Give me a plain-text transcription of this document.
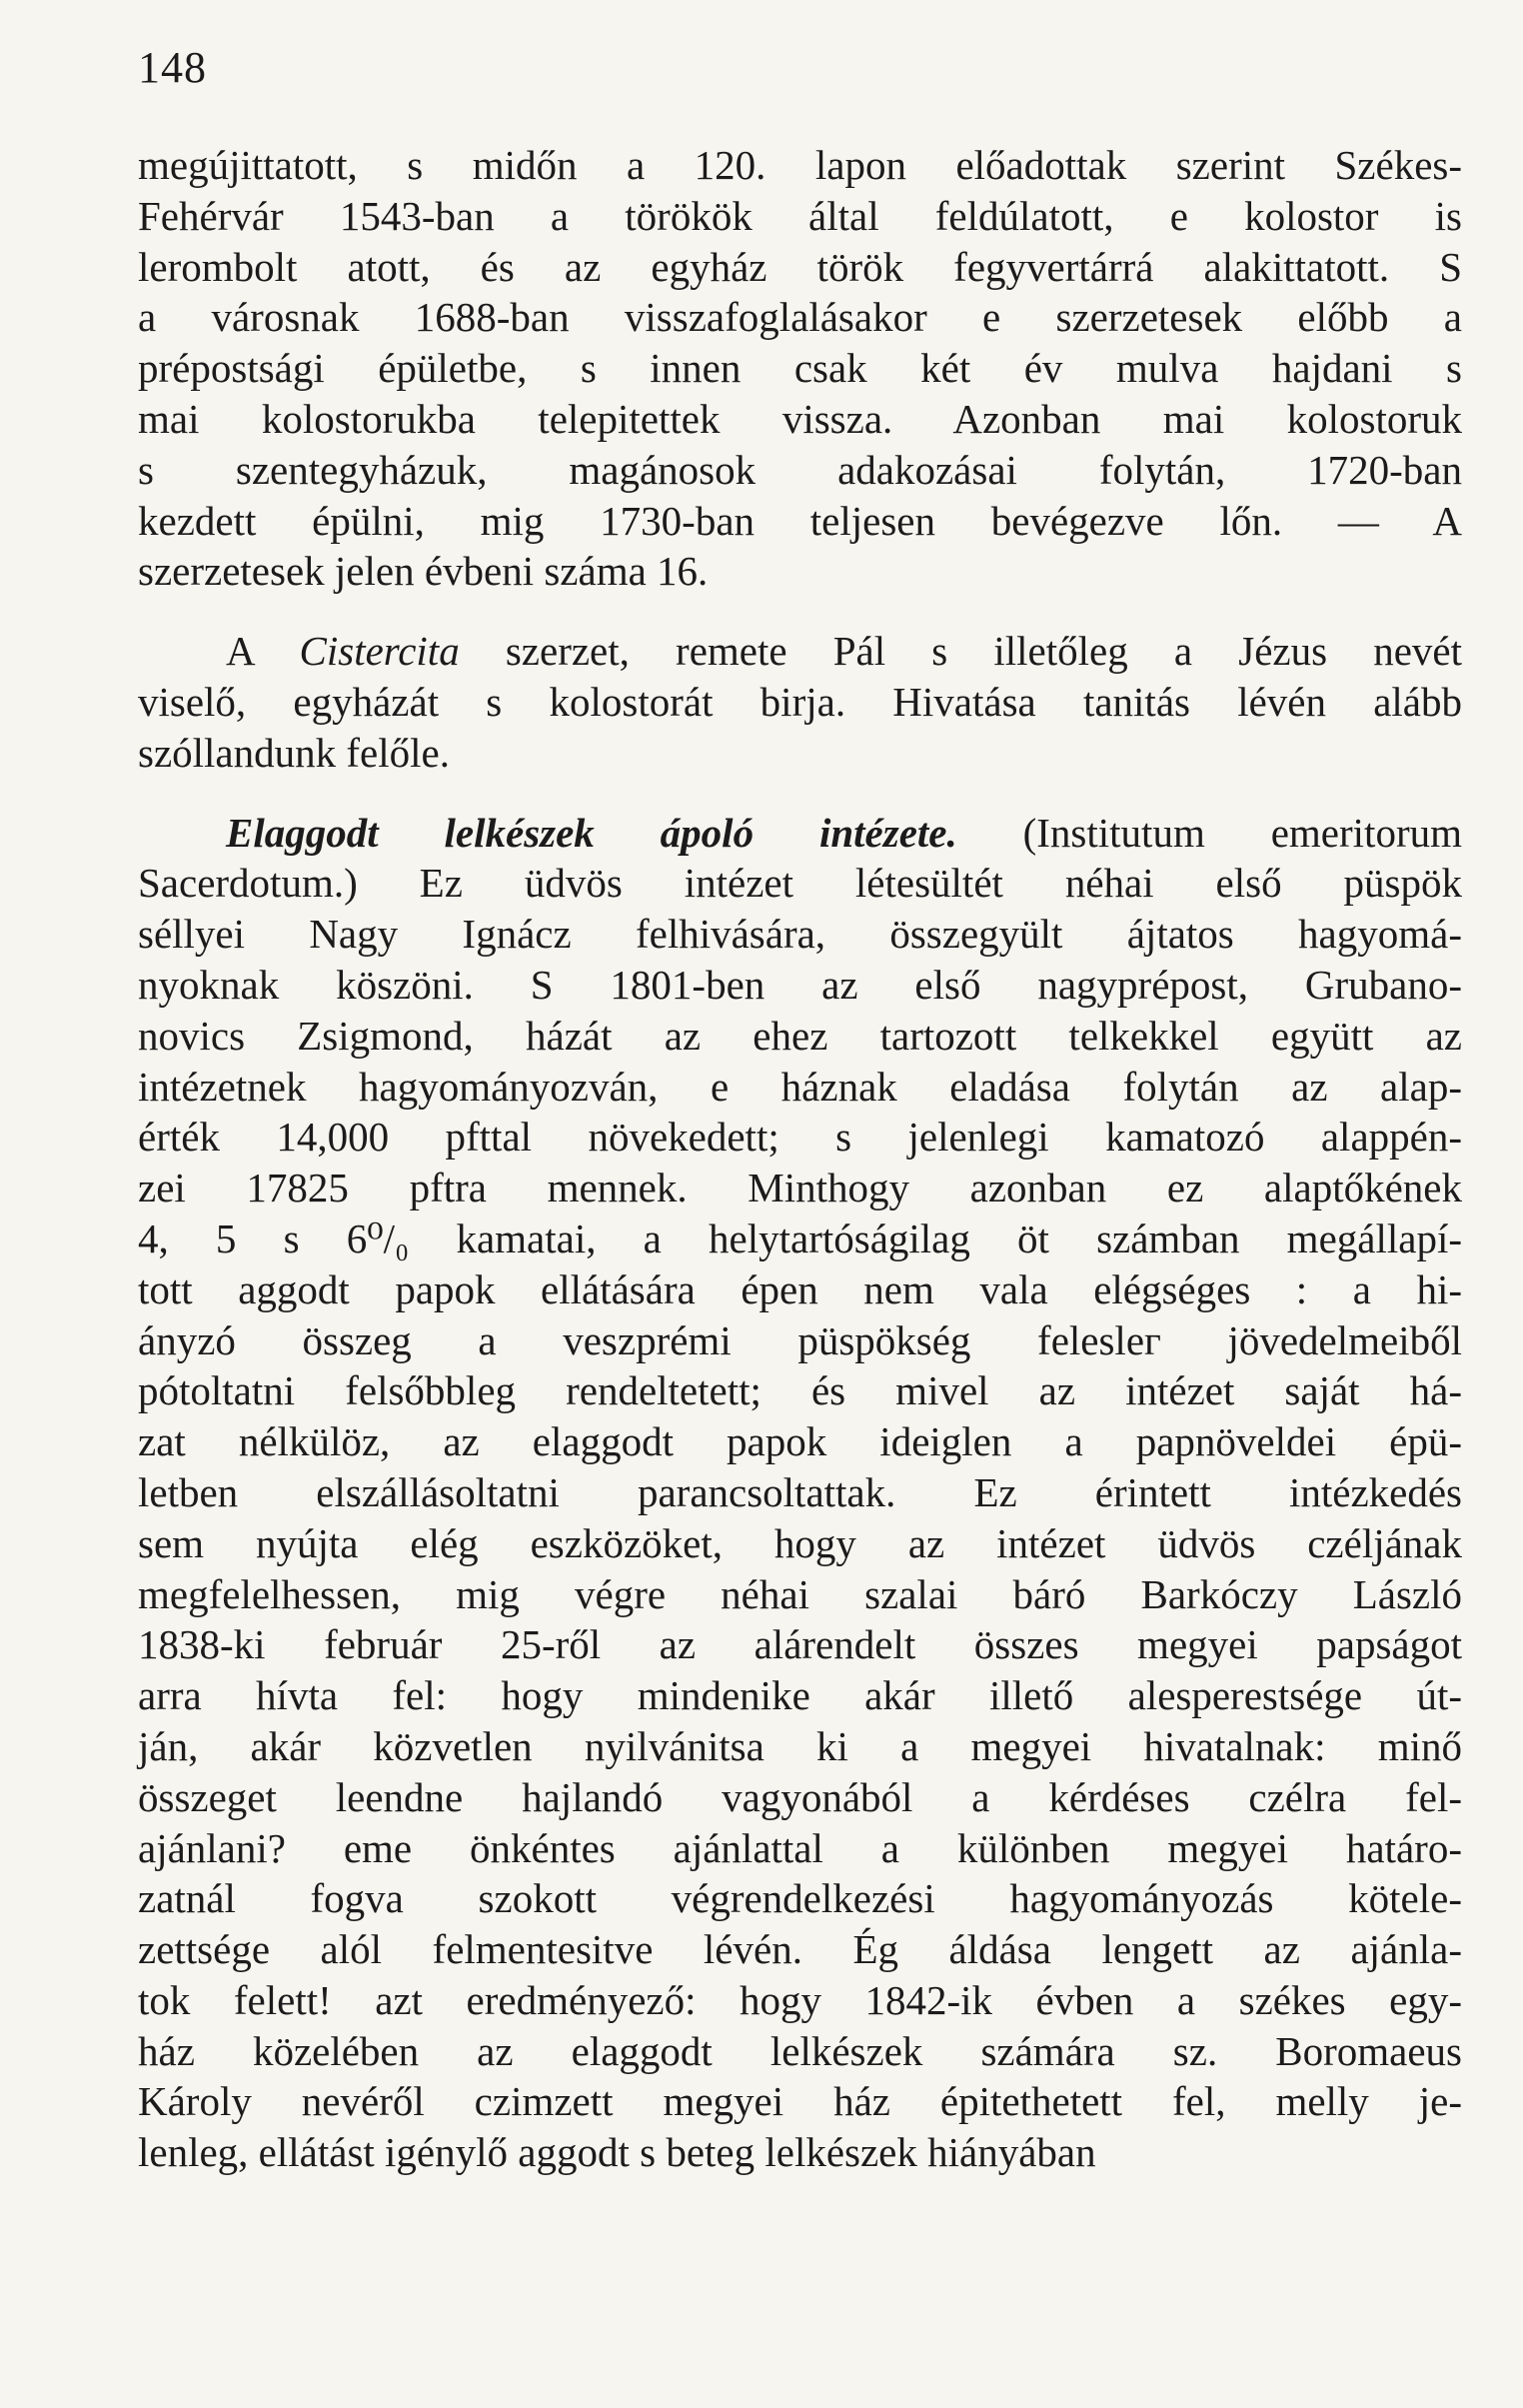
148
megújittatott, s midőn a 120. lapon előadottak szerint Székes-
Fehérvár 1543-ban a törökök által feldúlatott, e kolostor is
lerombolt atott, és az egyház török fegyvertárrá alakittatott. S
a városnak 1688-ban visszafoglalásakor e szerzetesek előbb a
prépostsági épületbe, s innen csak két év mulva hajdani s
mai kolostorukba telepitettek vissza. Azonban mai kolostoruk
s szentegyházuk, magánosok adakozásai folytán, 1720-ban
kezdett épülni, mig 1730-ban teljesen bevégezve lőn. — A
szerzetesek jelen évbeni száma 16.
A Cistercita szerzet, remete Pál s illetőleg a Jézus nevét
viselő, egyházát s kolostorát birja. Hivatása tanitás lévén alább
szóllandunk felőle.
Elaggodt lelkészek ápoló intézete. (Institutum emeritorum
Sacerdotum.) Ez üdvös intézet létesültét néhai első püspök
séllyei Nagy Ignácz felhivására, összegyült ájtatos hagyomá-
nyoknak köszöni. S 1801-ben az első nagyprépost, Grubano-
novics Zsigmond, házát az ehez tartozott telkekkel együtt az
intézetnek hagyományozván, e háznak eladása folytán az alap-
érték 14,000 pfttal növekedett; s jelenlegi kamatozó alappén-
zei 17825 pftra mennek. Minthogy azonban ez alaptőkének
4, 5 s 6⁰/₀ kamatai, a helytartóságilag öt számban megállapí-
tott aggodt papok ellátására épen nem vala elégséges : a hi-
ányzó összeg a veszprémi püspökség feleslег jövedelmeiből
pótoltatni felsőbbleg rendeltetett; és mivel az intézet saját há-
zat nélkülöz, az elaggodt papok ideiglen a papnöveldei épü-
letben elszállásoltatni parancsoltattak. Ez érintett intézkedés
sem nyújta elég eszközöket, hogy az intézet üdvös czéljának
megfelelhessen, mig végre néhai szalai báró Barkóczy László
1838-ki február 25-ről az alárendelt összes megyei papságot
arra hívta fel: hogy mindenike akár illető alesperestsége út-
ján, akár közvetlen nyilvánitsa ki a megyei hivatalnak: minő
összeget leendne hajlandó vagyonából a kérdéses czélra fel-
ajánlani? eme önkéntes ajánlattal a különben megyei határo-
zatnál fogva szokott végrendelkezési hagyományozás kötele-
zettsége alól felmentesitve lévén. Ég áldása lengett az ajánla-
tok felett! azt eredményező: hogy 1842-ik évben a székes egy-
ház közelében az elaggodt lelkészek számára sz. Boromaeus
Károly nevéről czimzett megyei ház épitethetett fel, melly je-
lenleg, ellátást igénylő aggodt s beteg lelkészek hiányában
